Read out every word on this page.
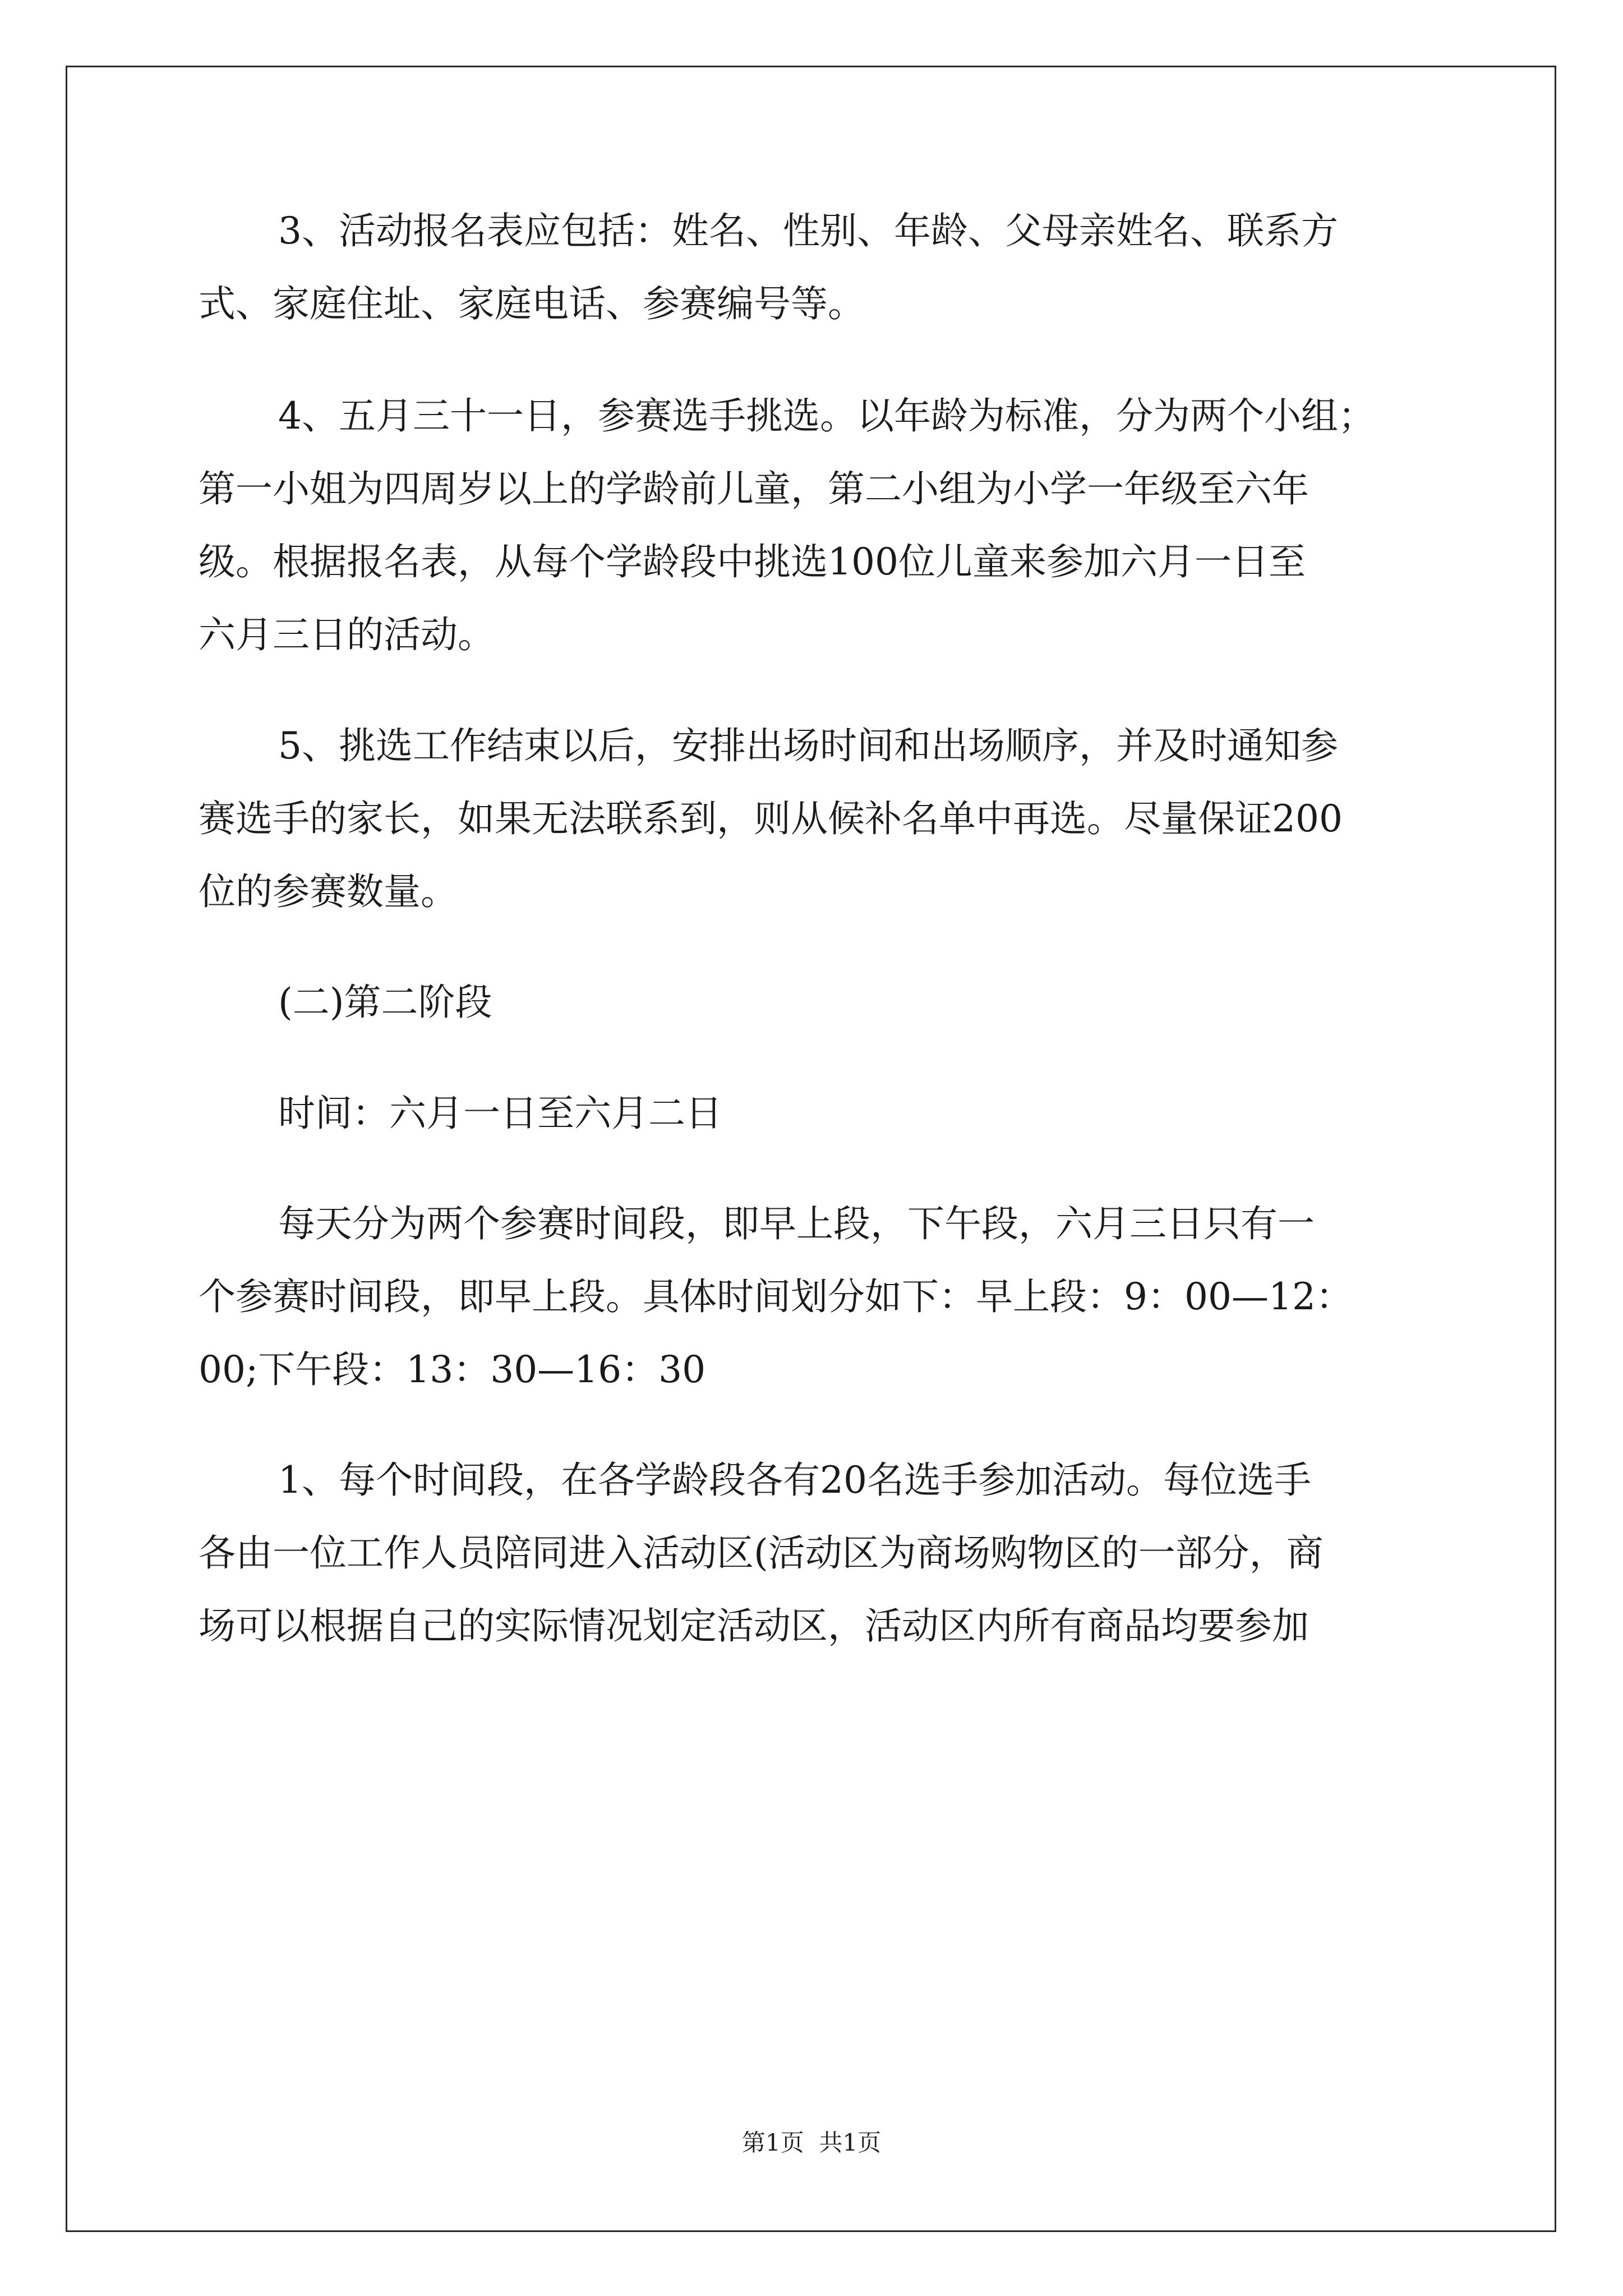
3、活动报名表应包括：姓名、性别、年龄、父母亲姓名、联系方
式、家庭住址、家庭电话、参赛编号等。
4、五月三十一日，参赛选手挑选。以年龄为标准，分为两个小组；
第一小姐为四周岁以上的学龄前儿童，第二小组为小学一年级至六年
级。根据报名表，从每个学龄段中挑选100位儿童来参加六月一日至
六月三日的活动。
5、挑选工作结束以后，安排出场时间和出场顺序，并及时通知参
赛选手的家长，如果无法联系到，则从候补名单中再选。尽量保证200
位的参赛数量。
(二)第二阶段
时间：六月一日至六月二日
每天分为两个参赛时间段，即早上段，下午段，六月三日只有一
个参赛时间段，即早上段。具体时间划分如下：早上段：9：00—12：
00;下午段：13：30—16：30
1、每个时间段，在各学龄段各有20名选手参加活动。每位选手
各由一位工作人员陪同进入活动区(活动区为商场购物区的一部分，商
场可以根据自己的实际情况划定活动区，活动区内所有商品均要参加
第1页  共1页
